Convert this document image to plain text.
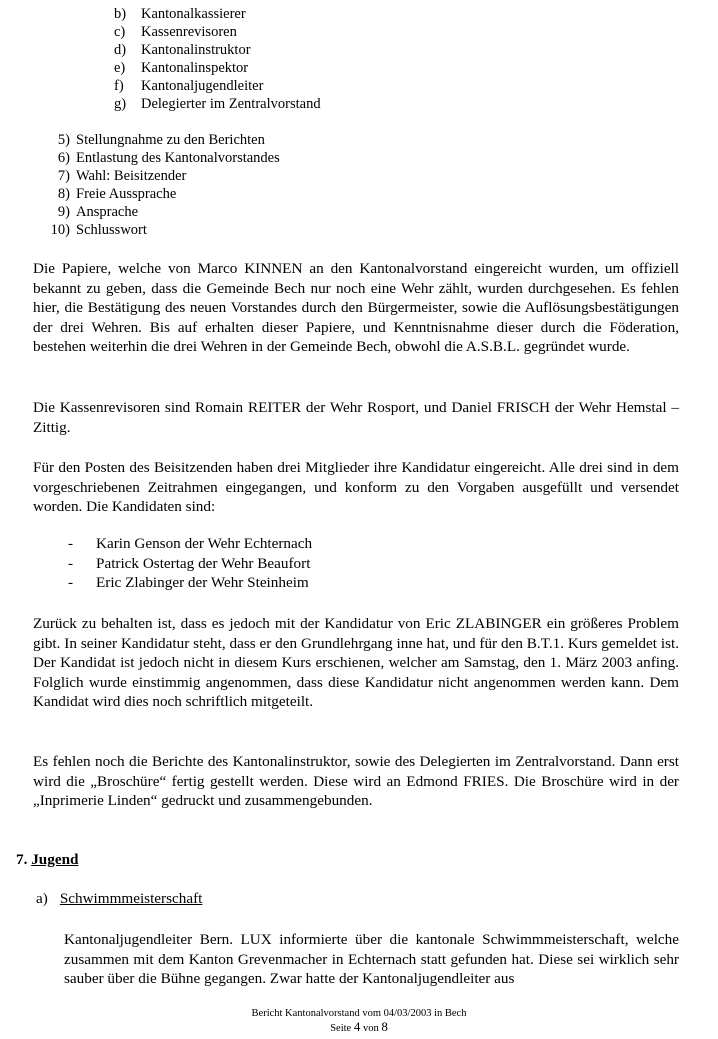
b) Kantonalkassierer
c) Kassenrevisoren
d) Kantonalinstruktor
e) Kantonalinspektor
f) Kantonaljugendleiter
g) Delegierter im Zentralvorstand
5) Stellungnahme zu den Berichten
6) Entlastung des Kantonalvorstandes
7) Wahl: Beisitzender
8) Freie Aussprache
9) Ansprache
10) Schlusswort

Die Papiere, welche von Marco KINNEN an den Kantonalvorstand eingereicht wurden, um offiziell bekannt zu geben, dass die Gemeinde Bech nur noch eine Wehr zählt, wurden durchgesehen. Es fehlen hier, die Bestätigung des neuen Vorstandes durch den Bürgermeister, sowie die Auflösungsbestätigungen der drei Wehren. Bis auf erhalten dieser Papiere, und Kenntnisnahme dieser durch die Föderation, bestehen weiterhin die drei Wehren in der Gemeinde Bech, obwohl die A.S.B.L. gegründet wurde.

Die Kassenrevisoren sind Romain REITER der Wehr Rosport, und Daniel FRISCH der Wehr Hemstal – Zittig.

Für den Posten des Beisitzenden haben drei Mitglieder ihre Kandidatur eingereicht. Alle drei sind in dem vorgeschriebenen Zeitrahmen eingegangen, und konform zu den Vorgaben ausgefüllt und versendet worden. Die Kandidaten sind:

- Karin Genson der Wehr Echternach
- Patrick Ostertag der Wehr Beaufort
- Eric Zlabinger der Wehr Steinheim

Zurück zu behalten ist, dass es jedoch mit der Kandidatur von Eric ZLABINGER ein größeres Problem gibt. In seiner Kandidatur steht, dass er den Grundlehrgang inne hat, und für den B.T.1. Kurs gemeldet ist. Der Kandidat ist jedoch nicht in diesem Kurs erschienen, welcher am Samstag, den 1. März 2003 anfing. Folglich wurde einstimmig angenommen, dass diese Kandidatur nicht angenommen werden kann. Dem Kandidat wird dies noch schriftlich mitgeteilt.

Es fehlen noch die Berichte des Kantonalinstruktor, sowie des Delegierten im Zentralvorstand. Dann erst wird die „Broschüre“ fertig gestellt werden. Diese wird an Edmond FRIES. Die Broschüre wird in der „Inprimerie Linden“ gedruckt und zusammengebunden.

7. Jugend
a) Schwimmmeisterschaft

Kantonaljugendleiter Bern. LUX informierte über die kantonale Schwimmmeisterschaft, welche zusammen mit dem Kanton Grevenmacher in Echternach statt gefunden hat. Diese sei wirklich sehr sauber über die Bühne gegangen. Zwar hatte der Kantonaljugendleiter aus

Bericht Kantonalvorstand vom 04/03/2003 in Bech
Seite 4 von 8
